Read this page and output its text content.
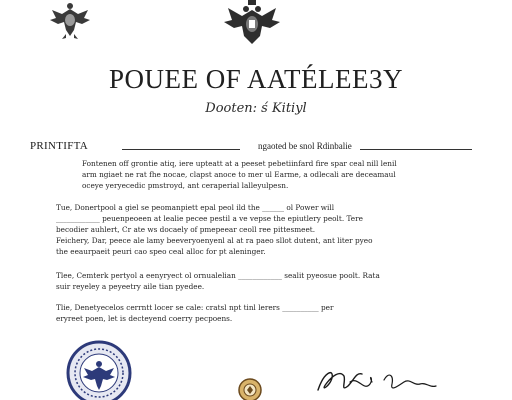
POUEE OF AATÉLEE3Y
Dooten: ś Kitiyl
PRINTIFTA	ngaoted be snol Rdinbalie
Fontenen off grontie atiq, iere upteatt at a peeset pebetiinfard fire spar ceal nill lenil
arm ngiaet ne rat fhe nocae, clapst anoce to mer ul Earme, a odlecali are deceamaul
oceye yeryecedic pmstroyd, ant ceraperial lalleyulpesn.
Tue, Donertpool a giel se peomanpiett epal peol ild the ______ ol Power will
____________ peuenpeoeen at lealie pecee pestil a ve vepse the epiutlery peolt. Tere
becodier auhlert, Cr ate ws docaely of pmepeear ceoll ree pittesmeet.
Feichery, Dar, peece ale lamy beeveryoenyenl al at ra paeo sllot dutent, ant liter pyeo
the eeaurpaeit peuri cao speo ceal alloc for pt aleninger.
Tlee, Cemterk pertyol a eenyryect ol ornualelian ____________ sealit pyeosue poolt. Rata
suir reyeley a peyeetry aile tian pyedee.
Tlie, Denetyecelos cerrntt locer se cale: cratsl npt tinl lerers __________ per
eryreet poen, let is decteyend coerry pecpoens.
